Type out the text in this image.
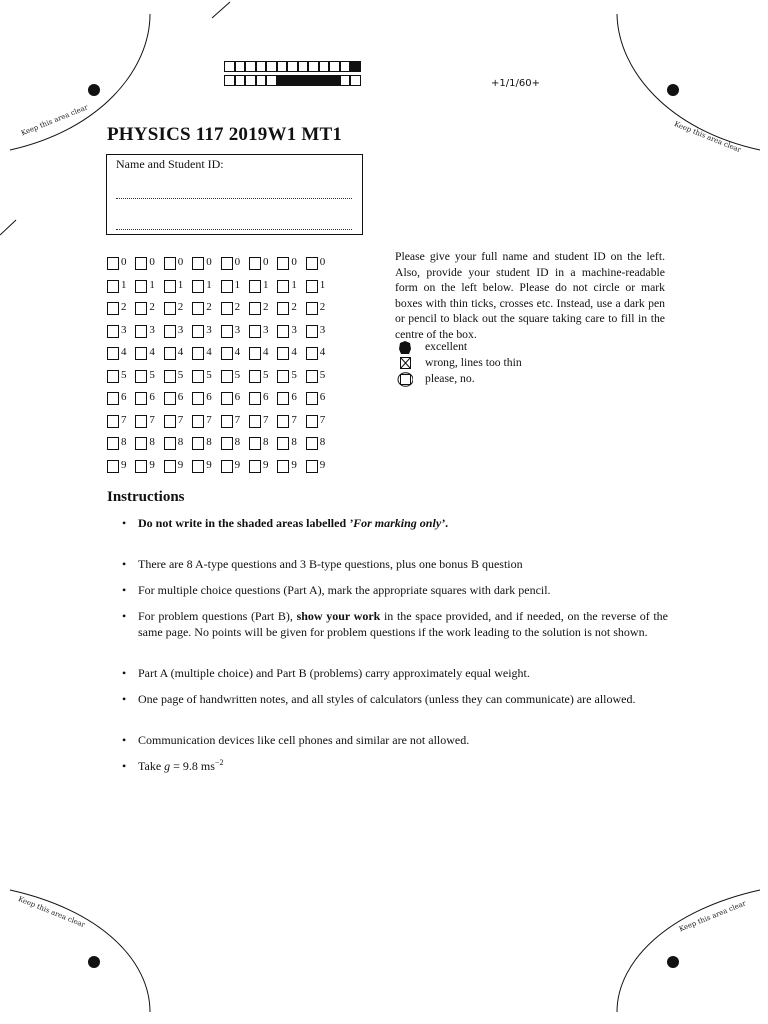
Keep this area clear	Keep this area clear
Keep this area clear	Keep this area clear
+1/1/60+
PHYSICS 117 2019W1 MT1
Name and Student ID:
0 0 0 0 0 0 0 0
1 1 1 1 1 1 1 1
2 2 2 2 2 2 2 2
3 3 3 3 3 3 3 3
4 4 4 4 4 4 4 4
5 5 5 5 5 5 5 5
6 6 6 6 6 6 6 6
7 7 7 7 7 7 7 7
8 8 8 8 8 8 8 8
9 9 9 9 9 9 9 9
Please give your full name and student ID on the left. Also, provide your student ID in a machine-readable form on the left below. Please do not circle or mark boxes with thin ticks, crosses etc. Instead, use a dark pen or pencil to black out the square taking care to fill in the centre of the box.
excellent
wrong, lines too thin
please, no.
Instructions
• Do not write in the shaded areas labelled ’For marking only’.
• There are 8 A-type questions and 3 B-type questions, plus one bonus B question
• For multiple choice questions (Part A), mark the appropriate squares with dark pencil.
• For problem questions (Part B), show your work in the space provided, and if needed, on the reverse of the same page. No points will be given for problem questions if the work leading to the solution is not shown.
• Part A (multiple choice) and Part B (problems) carry approximately equal weight.
• One page of handwritten notes, and all styles of calculators (unless they can communicate) are allowed.
• Communication devices like cell phones and similar are not allowed.
• Take g = 9.8 $ms^{-2}$
